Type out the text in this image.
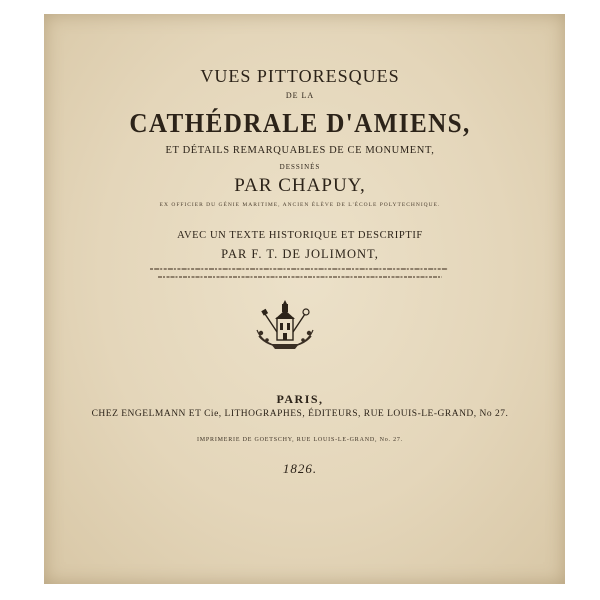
VUES PITTORESQUES

DE LA

CATHÉDRALE D'AMIENS,

ET DÉTAILS REMARQUABLES DE CE MONUMENT,

DESSINÉS

PAR CHAPUY,

EX OFFICIER DU GÉNIE MARITIME, ANCIEN ÉLÈVE DE L'ÉCOLE POLYTECHNIQUE.

AVEC UN TEXTE HISTORIQUE ET DESCRIPTIF

PAR F. T. DE JOLIMONT,

PARIS,

CHEZ ENGELMANN ET Cie, LITHOGRAPHES, ÉDITEURS, RUE LOUIS-LE-GRAND, No 27.

IMPRIMERIE DE GOETSCHY, RUE LOUIS-LE-GRAND, No. 27.

1826.
